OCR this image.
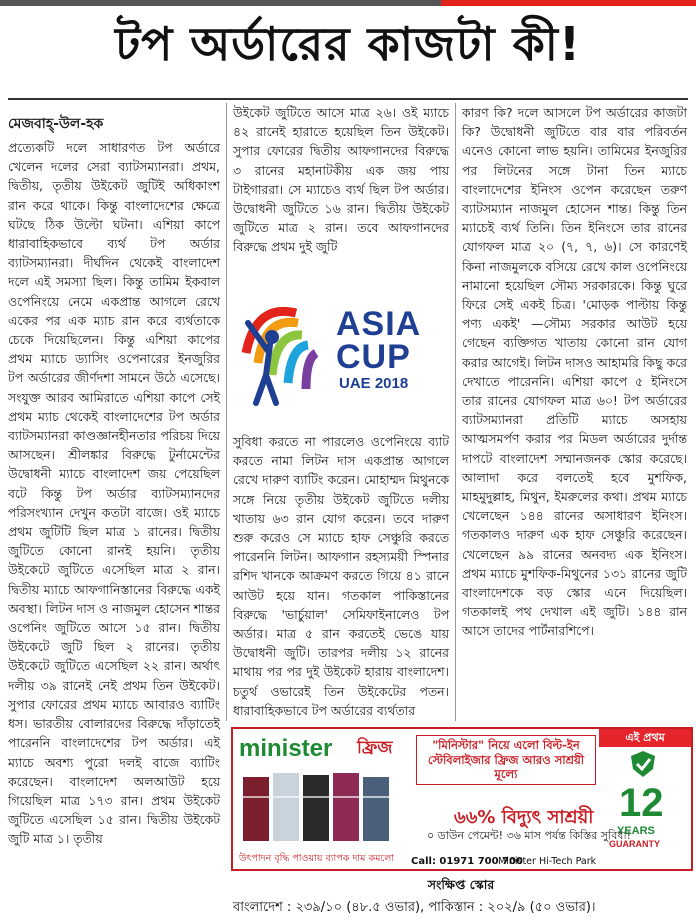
টপ অর্ডারের কাজটা কী!
মেজবাহ্-উল-হক

প্রত্যেকটি দলে সাধারণত টপ অর্ডারে খেলেন দলের সেরা ব্যাটসম্যানরা। প্রথম, দ্বিতীয়, তৃতীয় উইকেট জুটিই অধিকাংশ রান করে থাকে। কিন্তু বাংলাদেশের ক্ষেত্রে ঘটছে ঠিক উল্টো ঘটনা। এশিয়া কাপে ধারাবাহিকভাবে ব্যর্থ টপ অর্ডার ব্যাটসম্যানরা। দীর্ঘদিন থেকেই বাংলাদেশ দলে এই সমস্যা ছিল। কিন্তু তামিম ইকবাল ওপেনিংয়ে নেমে একপ্রান্ত আগলে রেখে একের পর এক ম্যাচ রান করে ব্যর্থতাকে চেকে দিয়েছিলেন। কিন্তু এশিয়া কাপের প্রথম ম্যাচে ড্যাসিং ওপেনারের ইনজুরির টপ অর্ডারের জীর্ণদশা সামনে উঠে এসেছে। সংযুক্ত আরব আমিরাতে এশিয়া কাপে সেই প্রথম ম্যাচ থেকেই বাংলাদেশের টপ অর্ডার ব্যাটসম্যানরা কাণ্ডজ্ঞানহীনতার পরিচয় দিয়ে আসছেন। শ্রীলঙ্কার বিরুদ্ধে টুর্নামেন্টের উদ্বোধনী ম্যাচে বাংলাদেশ জয় পেয়েছিল বটে কিন্তু টপ অর্ডার ব্যাটসম্যানদের পরিসংখ্যান দেখুন কতটা বাজে। ওই ম্যাচে প্রথম জুটিটি ছিল মাত্র ১ রানের। দ্বিতীয় জুটিতে কোনো রানই হয়নি। তৃতীয় উইকেটে জুটিতে এসেছিল মাত্র ২ রান। দ্বিতীয় ম্যাচে আফগানিস্তানের বিরুদ্ধে একই অবস্থা। লিটন দাস ও নাজমুল হোসেন শান্তর ওপেনিং জুটিতে আসে ১৫ রান। দ্বিতীয় উইকেটে জুটি ছিল ২ রানের। তৃতীয় উইকেটে জুটিতে এসেছিল ২২ রান। অর্থাৎ দলীয় ৩৯ রানেই নেই প্রথম তিন উইকেট। সুপার ফোরের প্রথম ম্যাচে আবারও ব্যাটিং ধস। ভারতীয় বোলারদের বিরুদ্ধে দাঁড়াতেই পারেননি বাংলাদেশের টপ অর্ডার। এই ম্যাচে অবশ্য পুরো দলই বাজে ব্যাটিং করেছেন। বাংলাদেশ অলআউট হয়ে গিয়েছিল মাত্র ১৭৩ রান। প্রথম উইকেট জুটিতে এসেছিল ১৫ রান। দ্বিতীয় উইকেট জুটি মাত্র ১। তৃতীয়

উইকেট জুটিতে আসে মাত্র ২৬। ওই ম্যাচে ৪২ রানেই হারাতে হয়েছিল তিন উইকেট। সুপার ফোরের দ্বিতীয় আফগানদের বিরুদ্ধে ৩ রানের মহানাটকীয় এক জয় পায় টাইগাররা। সে ম্যাচেও ব্যর্থ ছিল টপ অর্ডার। উদ্বোধনী জুটিতে ১৬ রান। দ্বিতীয় উইকেট জুটিতে মাত্র ২ রান। তবে আফগানদের বিরুদ্ধে প্রথম দুই জুটি

ASIA
CUP
UAE 2018

সুবিধা করতে না পারলেও ওপেনিংয়ে ব্যাট করতে নামা লিটন দাস একপ্রান্ত আগলে রেখে দারুণ ব্যাটিং করেন। মোহাম্মদ মিথুনকে সঙ্গে নিয়ে তৃতীয় উইকেট জুটিতে দলীয় খাতায় ৬৩ রান যোগ করেন। তবে দারুণ শুরু করেও সে ম্যাচে হাফ সেঞ্চুরি করতে পারেননি লিটন। আফগান রহস্যময়ী স্পিনার রশিদ খানকে আক্রমণ করতে গিয়ে ৪১ রানে আউট হয়ে যান। গতকাল পাকিস্তানের বিরুদ্ধে 'ভার্চুয়াল' সেমিফাইনালেও টপ অর্ডার। মাত্র ৫ রান করতেই ভেঙে যায় উদ্বোধনী জুটি। তারপর দলীয় ১২ রানের মাথায় পর পর দুই উইকেট হারায় বাংলাদেশ। চতুর্থ ওভারেই তিন উইকেটের পতন। ধারাবাহিকভাবে টপ অর্ডারের ব্যর্থতার

কারণ কি? দলে আসলে টপ অর্ডারের কাজটা কি? উদ্বোধনী জুটিতে বার বার পরিবর্তন এনেও কোনো লাভ হয়নি। তামিমের ইনজুরির পর লিটনের সঙ্গে টানা তিন ম্যাচে বাংলাদেশের ইনিংস ওপেন করেছেন তরুণ ব্যাটসম্যান নাজমুল হোসেন শান্ত। কিন্তু তিন ম্যাচেই ব্যর্থ তিনি। তিন ইনিংসে তার রানের যোগফল মাত্র ২০ (৭, ৭, ৬)। সে কারণেই কিনা নাজমুলকে বসিয়ে রেখে কাল ওপেনিংয়ে নামানো হয়েছিল সৌম্য সরকারকে। কিন্তু ঘুরে ফিরে সেই একই চিত্র। 'মোড়ক পাল্টায় কিন্তু পণ্য একই' —সৌম্য সরকার আউট হয়ে গেছেন ব্যক্তিগত খাতায় কোনো রান যোগ করার আগেই। লিটন দাসও আহামরি কিছু করে দেখাতে পারেননি। এশিয়া কাপে ৫ ইনিংসে তার রানের যোগফল মাত্র ৬০! টপ অর্ডারের ব্যাটসম্যানরা প্রতিটি ম্যাচে অসহায় আত্মসমর্পণ করার পর মিডল অর্ডারের দুর্দান্ত দাপটে বাংলাদেশ সম্মানজনক স্কোর করেছে। আলাদা করে বলতেই হবে মুশফিক, মাহমুদুল্লাহ, মিথুন, ইমরুলের কথা। প্রথম ম্যাচে খেলেছেন ১৪৪ রানের অসাধারণ ইনিংস। গতকালও দারুণ এক হাফ সেঞ্চুরি করেছেন। খেলেছেন ৯৯ রানের অনবদ্য এক ইনিংস। প্রথম ম্যাচে মুশফিক-মিথুনের ১৩১ রানের জুটি বাংলাদেশকে বড় স্কোর এনে দিয়েছিল। গতকালই পথ দেখাল এই জুটি। ১৪৪ রান আসে তাদের পার্টনারশিপে।

minister ফ্রিজ	"মিনিস্টার" নিয়ে এলো বিল্ট-ইন স্টেবিলাইজার ফ্রিজ আরও সাশ্রয়ী মূল্যে
এই প্রথম
৬৬% বিদ্যুৎ সাশ্রয়ী
০ ডাউন পেমেন্ট! ৩৬ মাস পর্যন্ত কিস্তির সুবিধা!
12
YEARS
GUARANTY
উৎপাদন বৃদ্ধি পাওয়ায় ব্যাপক দাম কমলো Call: 01971 700 700
Minister Hi-Tech Park
সংক্ষিপ্ত স্কোর
বাংলাদেশ : ২৩৯/১০ (৪৮.৫ ওভার), পাকিস্তান : ২০২/৯ (৫০ ওভার)।
